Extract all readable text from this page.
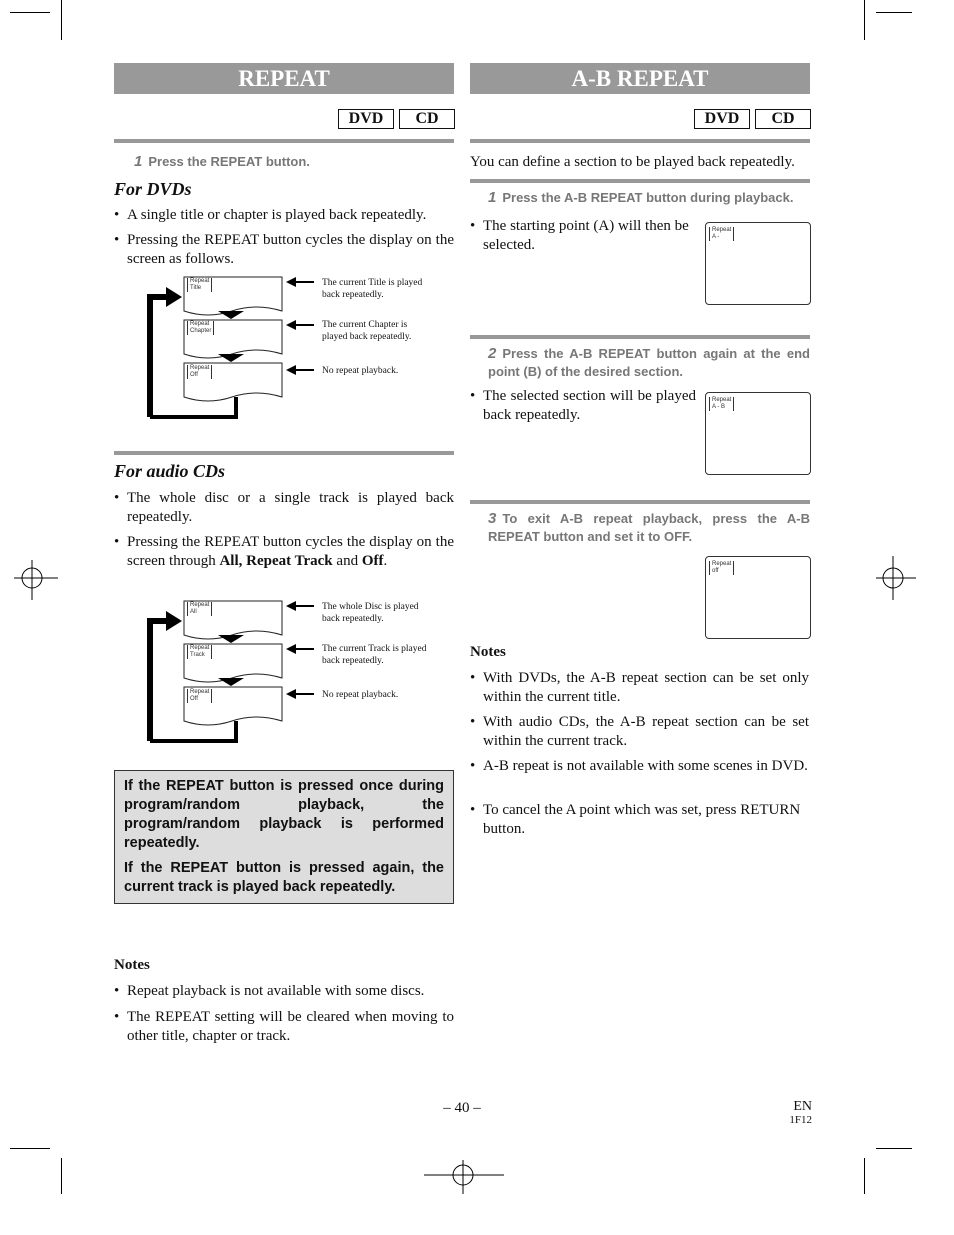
REPEAT
DVD	CD
1 Press the REPEAT button.
For DVDs
• A single title or chapter is played back repeatedly.
• Pressing the REPEAT button cycles the display on the screen as follows.
Repeat
Title
Repeat
Chapter
Repeat
Off
The current Title is played back repeatedly.
The current Chapter is played back repeatedly.
No repeat playback.
For audio CDs
• The whole disc or a single track is played back repeatedly.
• Pressing the REPEAT button cycles the display on the screen through All, Repeat Track and Off.
Repeat
All
Repeat
Track
Repeat
Off
The whole Disc is played back repeatedly.
The current Track is played back repeatedly.
No repeat playback.
If the REPEAT button is pressed once during program/random playback, the program/random playback is performed repeatedly.
If the REPEAT button is pressed again, the current track is played back repeatedly.
Notes
• Repeat playback is not available with some discs.
• The REPEAT setting will be cleared when moving to other title, chapter or track.
A-B REPEAT
DVD	CD
You can define a section to be played back repeatedly.
1 Press the A-B REPEAT button during playback.
• The starting point (A) will then be selected.
Repeat
A -
2 Press the A-B REPEAT button again at the end point (B) of the desired section.
• The selected section will be played back repeatedly.
Repeat
A - B
3 To exit A-B repeat playback, press the A-B REPEAT button and set it to OFF.
Repeat
off
Notes
• With DVDs, the A-B repeat section can be set only within the current title.
• With audio CDs, the A-B repeat section can be set within the current track.
• A-B repeat is not available with some scenes in DVD.
• To cancel the A point which was set, press RETURN button.
– 40 –	EN
1F12
